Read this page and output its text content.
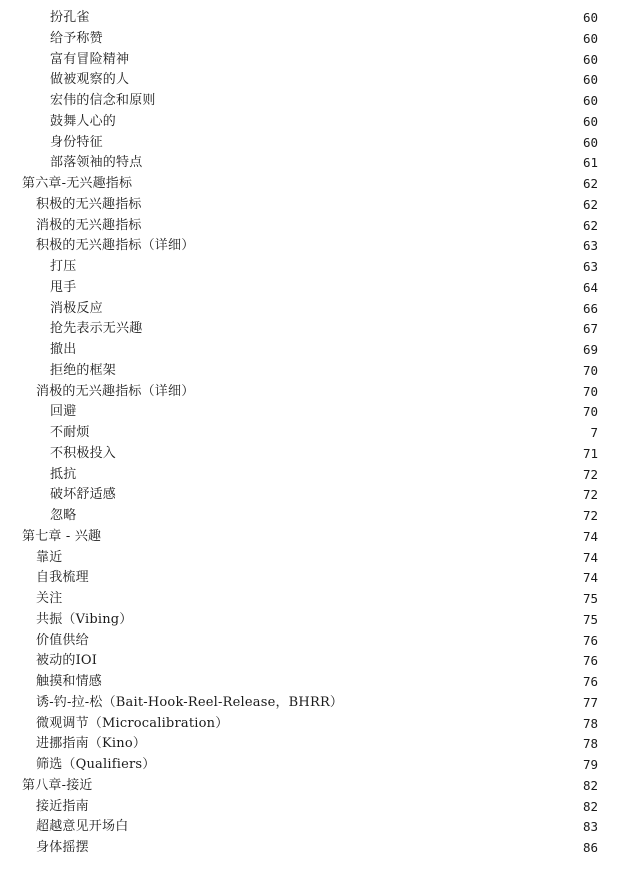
扮孔雀	60
给予称赞	60
富有冒险精神	60
做被观察的人	60
宏伟的信念和原则	60
鼓舞人心的	60
身份特征	60
部落领袖的特点	61
第六章-无兴趣指标	62
积极的无兴趣指标	62
消极的无兴趣指标	62
积极的无兴趣指标（详细）	63
打压	63
甩手	64
消极反应	66
抢先表示无兴趣	67
撤出	69
拒绝的框架	70
消极的无兴趣指标（详细）	70
回避	70
不耐烦	7
不积极投入	71
抵抗	72
破坏舒适感	72
忽略	72
第七章 - 兴趣	74
靠近	74
自我梳理	74
关注	75
共振（Vibing）	75
价值供给	76
被动的IOI	76
触摸和情感	76
诱-钓-拉-松（Bait-Hook-Reel-Release，BHRR）	77
微观调节（Microcalibration）	78
进挪指南（Kino）	78
筛选（Qualifiers）	79
第八章-接近	82
接近指南	82
超越意见开场白	83
身体摇摆	86
